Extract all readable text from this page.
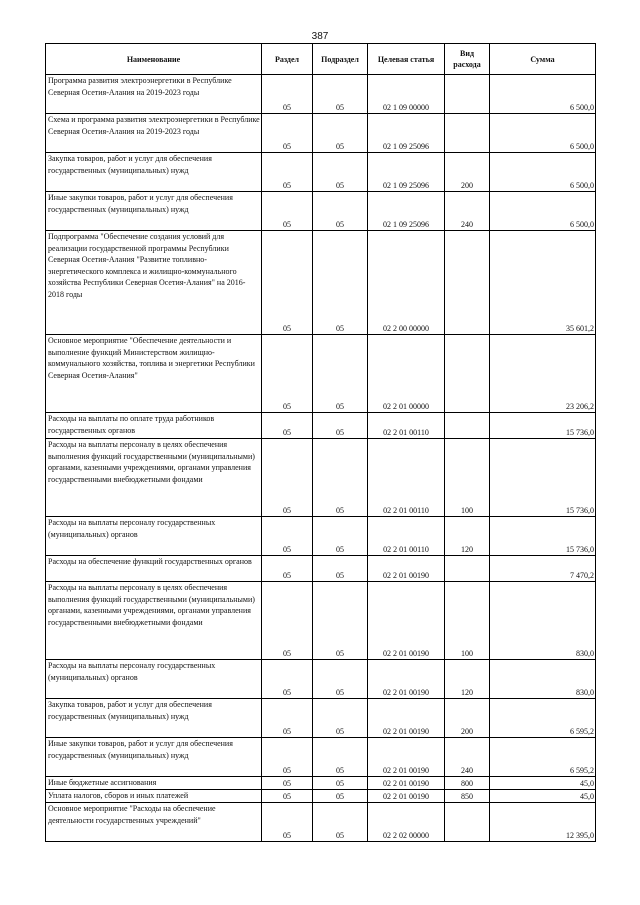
387
Наименование	Раздел	Подраздел	Целевая статья	Вид расхода	Сумма
Программа развития электроэнергетики в Республике Северная Осетия-Алания на 2019-2023 годы	05	05	02 1 09 00000		6 500,0
Схема и программа развития электроэнергетики в Республике Северная Осетия-Алания на 2019-2023 годы	05	05	02 1 09 25096		6 500,0
Закупка товаров, работ и услуг для обеспечения государственных (муниципальных) нужд	05	05	02 1 09 25096	200	6 500,0
Иные закупки товаров, работ и услуг для обеспечения государственных (муниципальных) нужд	05	05	02 1 09 25096	240	6 500,0
Подпрограмма "Обеспечение создания условий для реализации государственной программы Республики Северная Осетия-Алания "Развитие топливно-энергетического комплекса и жилищно-коммунального хозяйства Республики Северная Осетия-Алания" на 2016-2018 годы	05	05	02 2 00 00000		35 601,2
Основное мероприятие "Обеспечение деятельности и выполнение функций Министерством жилищно-коммунального хозяйства, топлива и энергетики Республики Северная Осетия-Алания"	05	05	02 2 01 00000		23 206,2
Расходы на выплаты по оплате труда работников государственных органов	05	05	02 2 01 00110		15 736,0
Расходы на выплаты персоналу в целях обеспечения выполнения функций государственными (муниципальными) органами, казенными учреждениями, органами управления государственными внебюджетными фондами	05	05	02 2 01 00110	100	15 736,0
Расходы на выплаты персоналу государственных (муниципальных) органов	05	05	02 2 01 00110	120	15 736,0
Расходы на обеспечение функций государственных органов	05	05	02 2 01 00190		7 470,2
Расходы на выплаты персоналу в целях обеспечения выполнения функций государственными (муниципальными) органами, казенными учреждениями, органами управления государственными внебюджетными фондами	05	05	02 2 01 00190	100	830,0
Расходы на выплаты персоналу государственных (муниципальных) органов	05	05	02 2 01 00190	120	830,0
Закупка товаров, работ и услуг для обеспечения государственных (муниципальных) нужд	05	05	02 2 01 00190	200	6 595,2
Иные закупки товаров, работ и услуг для обеспечения государственных (муниципальных) нужд	05	05	02 2 01 00190	240	6 595,2
Иные бюджетные ассигнования	05	05	02 2 01 00190	800	45,0
Уплата налогов, сборов и иных платежей	05	05	02 2 01 00190	850	45,0
Основное мероприятие "Расходы на обеспечение деятельности государственных учреждений"	05	05	02 2 02 00000		12 395,0
